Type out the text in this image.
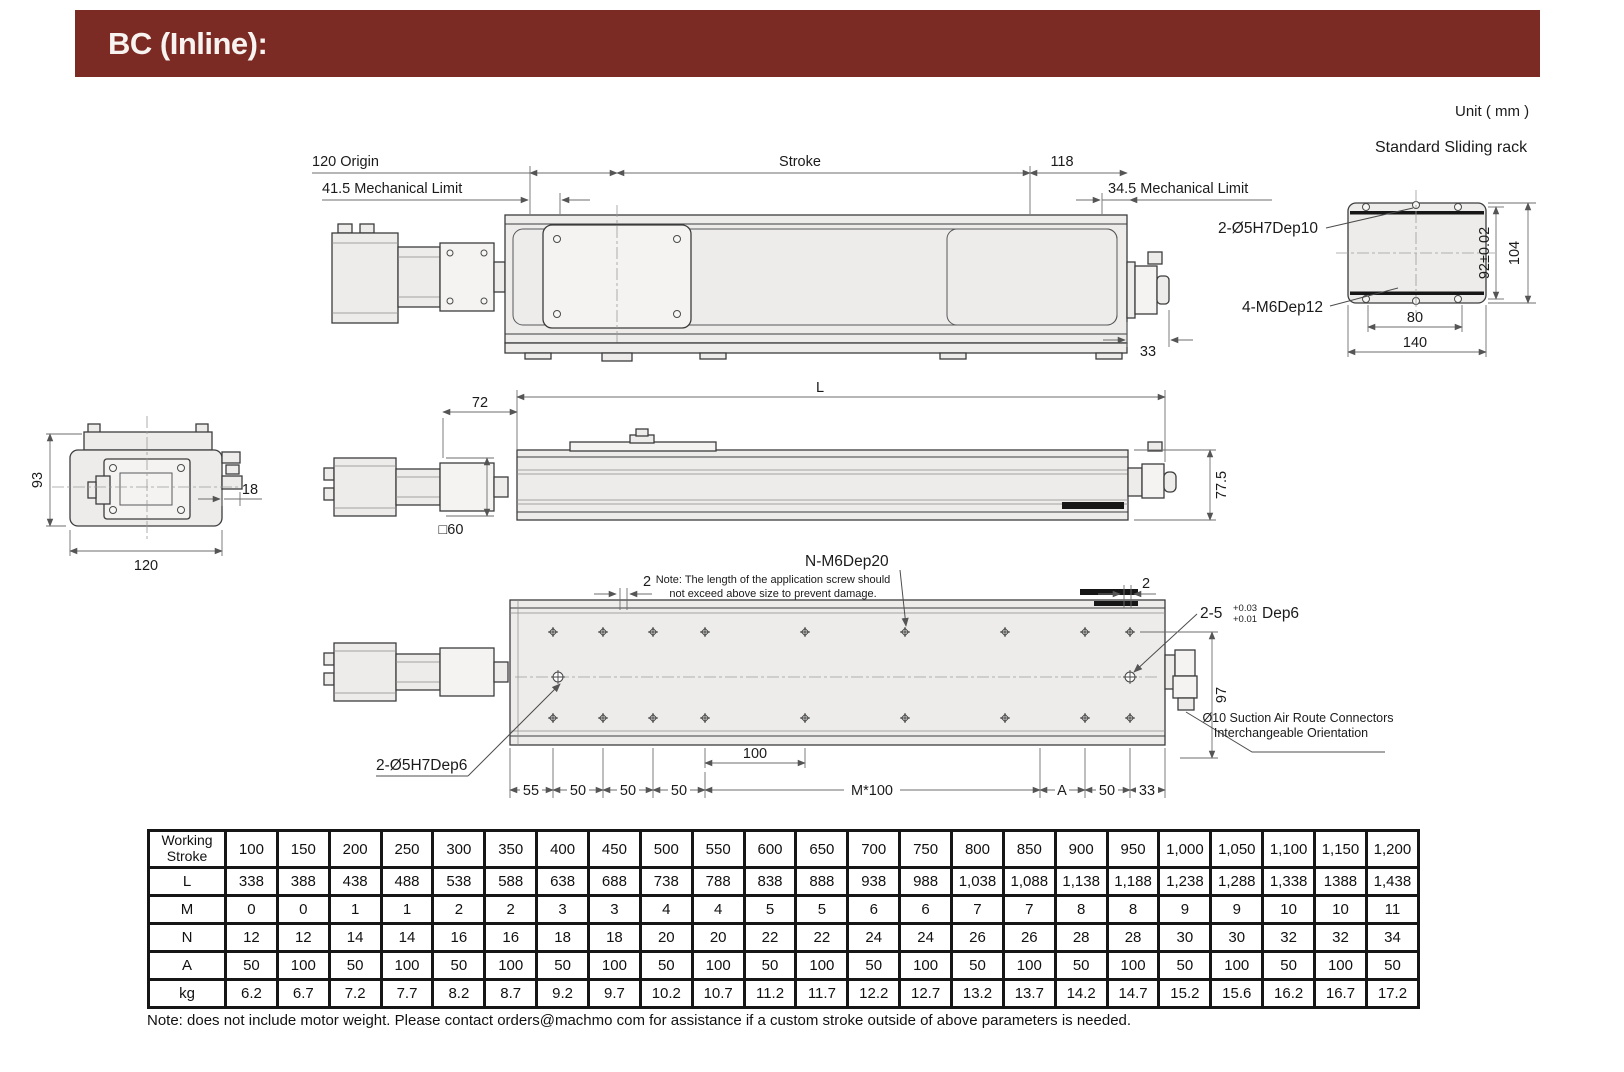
BC (Inline):
Unit ( mm )
Standard Sliding rack
120 Origin	Stroke	118
41.5 Mechanical Limit	34.5 Mechanical Limit
33
2-Ø5H7Dep10
4-M6Dep12
92±0.02 104
80
140
93
120
18
72
L
77.5
□60
N-M6Dep20
Note: The length of the application screw should
not exceed above size to prevent damage.
2	2
2-5 +0.03
+0.01 Dep6
97
Ø10 Suction Air Route Connectors
Interchangeable Orientation
2-Ø5H7Dep6
100
55 50 50 50	M*100	A 50 33
Working Stroke	100	150	200	250	300	350	400	450	500	550	600	650	700	750	800	850	900	950	1,000	1,050	1,100	1,150	1,200
L	338	388	438	488	538	588	638	688	738	788	838	888	938	988	1,038	1,088	1,138	1,188	1,238	1,288	1,338	1388	1,438
M	0	0	1	1	2	2	3	3	4	4	5	5	6	6	7	7	8	8	9	9	10	10	11
N	12	12	14	14	16	16	18	18	20	20	22	22	24	24	26	26	28	28	30	30	32	32	34
A	50	100	50	100	50	100	50	100	50	100	50	100	50	100	50	100	50	100	50	100	50	100	50
kg	6.2	6.7	7.2	7.7	8.2	8.7	9.2	9.7	10.2	10.7	11.2	11.7	12.2	12.7	13.2	13.7	14.2	14.7	15.2	15.6	16.2	16.7	17.2
Note: does not include motor weight. Please contact orders@machmo com for assistance if a custom stroke outside of above parameters is needed.
